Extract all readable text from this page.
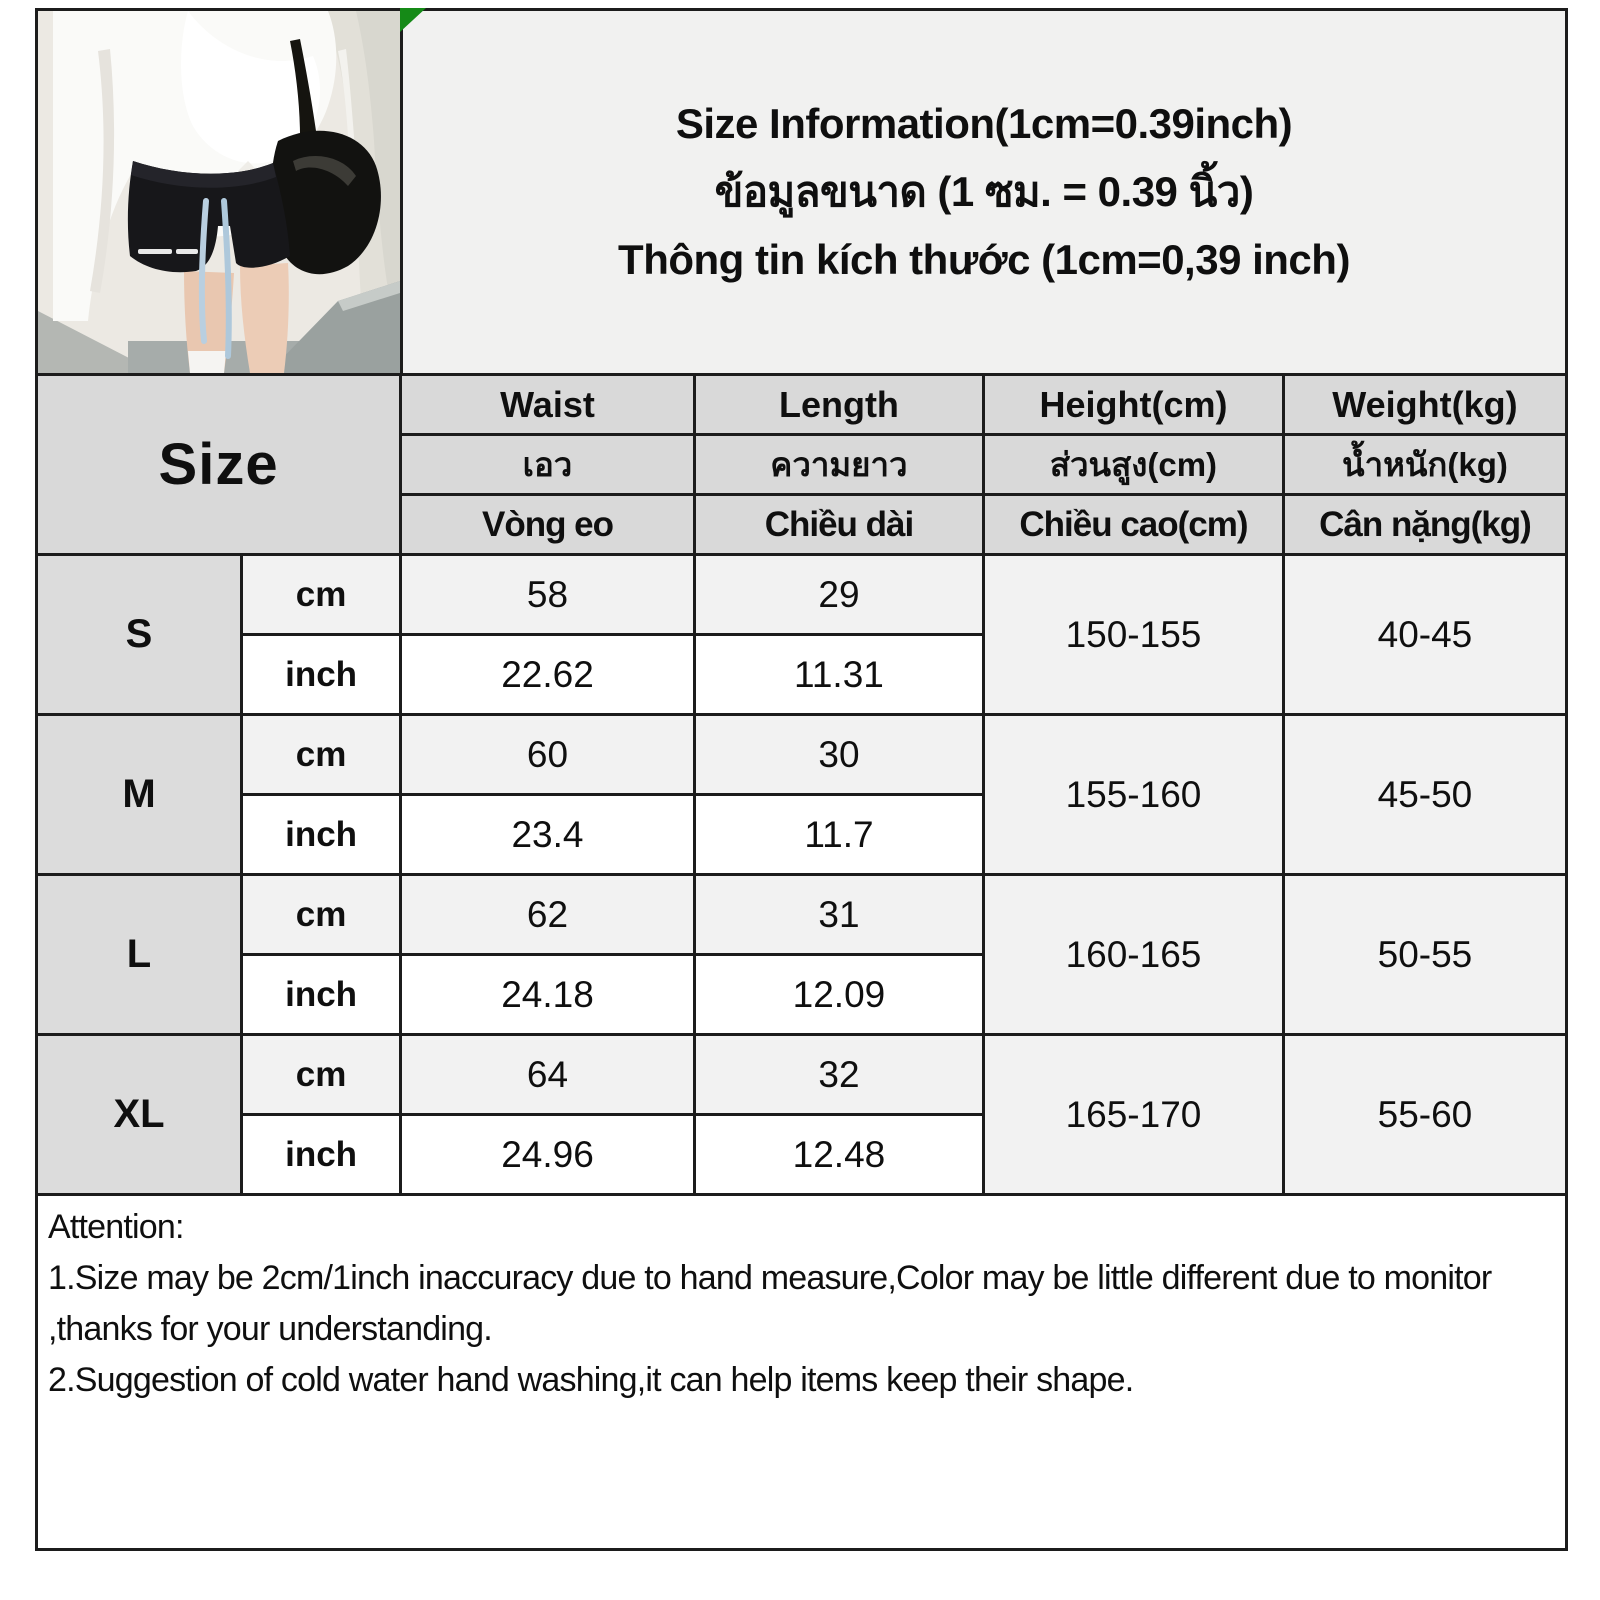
Size Information(1cm=0.39inch)
ข้อมูลขนาด (1 ซม. = 0.39 นิ้ว)
Thông tin kích thước (1cm=0,39 inch)
Size		Waist	Length	Height(cm)	Weight(kg)
		เอว	ความยาว	ส่วนสูง(cm)	น้ำหนัก(kg)
		Vòng eo	Chiều dài	Chiều cao(cm)	Cân nặng(kg)
S	cm	58	29	150-155	40-45
	inch	22.62	11.31		
M	cm	60	30	155-160	45-50
	inch	23.4	11.7		
L	cm	62	31	160-165	50-55
	inch	24.18	12.09		
XL	cm	64	32	165-170	55-60
	inch	24.96	12.48		

Attention:

1.Size may be 2cm/1inch inaccuracy due to hand measure,Color may be little different due to monitor ,thanks for your understanding.

2.Suggestion of cold water hand washing,it can help items keep their shape.
